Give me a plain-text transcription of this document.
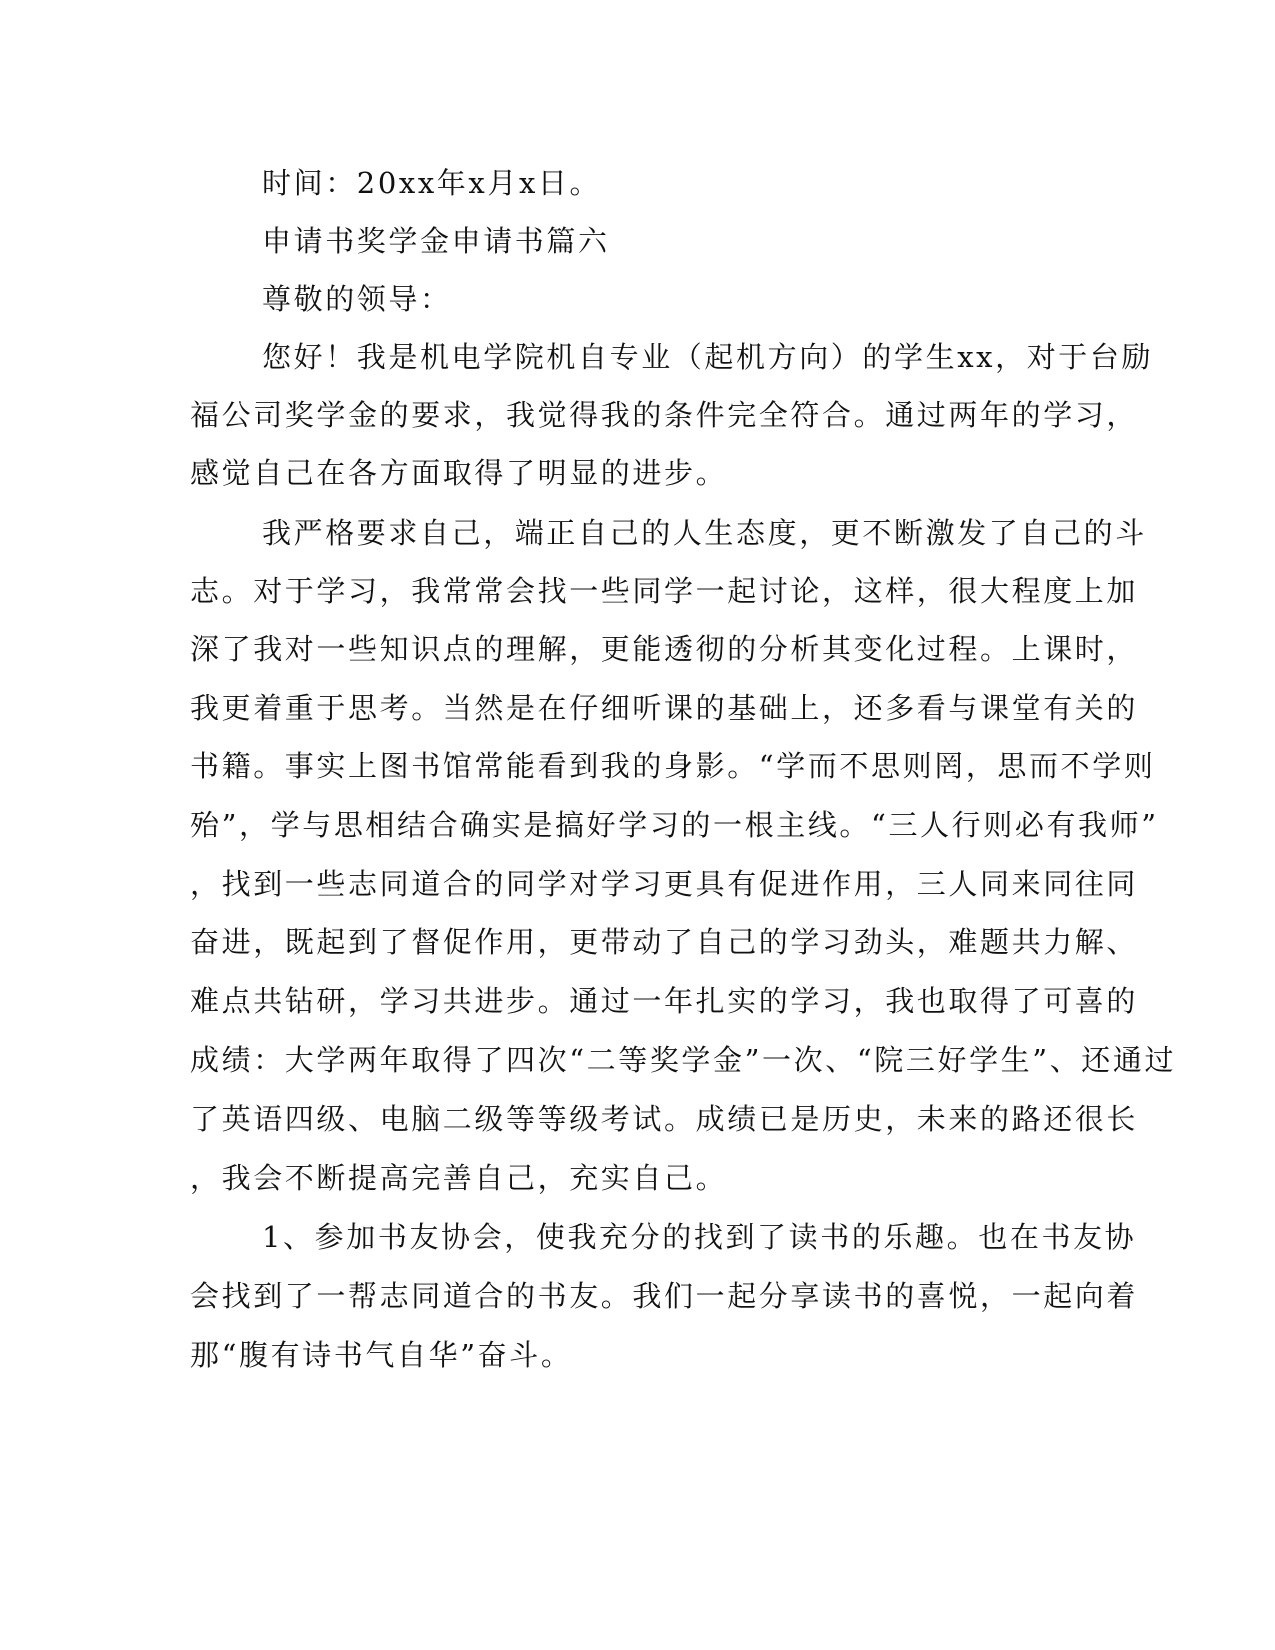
时间：20xx年x月x日。
申请书奖学金申请书篇六
尊敬的领导：
您好！我是机电学院机自专业（起机方向）的学生xx，对于台励
福公司奖学金的要求，我觉得我的条件完全符合。通过两年的学习，
感觉自己在各方面取得了明显的进步。
我严格要求自己，端正自己的人生态度，更不断激发了自己的斗
志。对于学习，我常常会找一些同学一起讨论，这样，很大程度上加
深了我对一些知识点的理解，更能透彻的分析其变化过程。上课时，
我更着重于思考。当然是在仔细听课的基础上，还多看与课堂有关的
书籍。事实上图书馆常能看到我的身影。“学而不思则罔，思而不学则
殆”，学与思相结合确实是搞好学习的一根主线。“三人行则必有我师”
，找到一些志同道合的同学对学习更具有促进作用，三人同来同往同
奋进，既起到了督促作用，更带动了自己的学习劲头，难题共力解、
难点共钻研，学习共进步。通过一年扎实的学习，我也取得了可喜的
成绩：大学两年取得了四次“二等奖学金”一次、“院三好学生”、还通过
了英语四级、电脑二级等等级考试。成绩已是历史，未来的路还很长
，我会不断提高完善自己，充实自己。
1、参加书友协会，使我充分的找到了读书的乐趣。也在书友协
会找到了一帮志同道合的书友。我们一起分享读书的喜悦，一起向着
那“腹有诗书气自华”奋斗。
